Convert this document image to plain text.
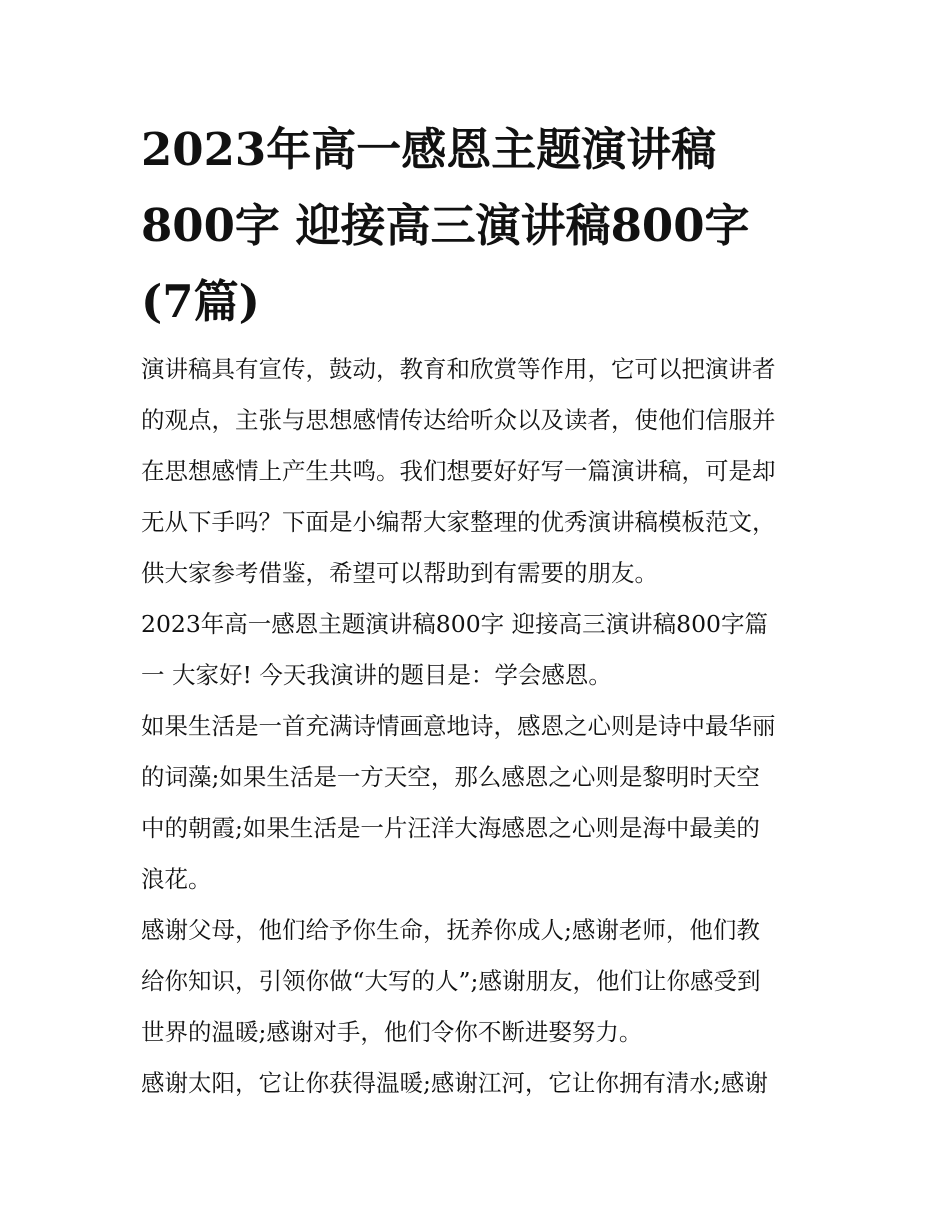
2023年高一感恩主题演讲稿
800字 迎接高三演讲稿800字
(7篇)
演讲稿具有宣传，鼓动，教育和欣赏等作用，它可以把演讲者
的观点，主张与思想感情传达给听众以及读者，使他们信服并
在思想感情上产生共鸣。我们想要好好写一篇演讲稿，可是却
无从下手吗？下面是小编帮大家整理的优秀演讲稿模板范文，
供大家参考借鉴，希望可以帮助到有需要的朋友。
2023年高一感恩主题演讲稿800字 迎接高三演讲稿800字篇
一 大家好! 今天我演讲的题目是：学会感恩。
如果生活是一首充满诗情画意地诗，感恩之心则是诗中最华丽
的词藻;如果生活是一方天空，那么感恩之心则是黎明时天空
中的朝霞;如果生活是一片汪洋大海感恩之心则是海中最美的
浪花。
感谢父母，他们给予你生命，抚养你成人;感谢老师，他们教
给你知识，引领你做“大写的人”;感谢朋友，他们让你感受到
世界的温暖;感谢对手，他们令你不断进娶努力。
感谢太阳，它让你获得温暖;感谢江河，它让你拥有清水;感谢
